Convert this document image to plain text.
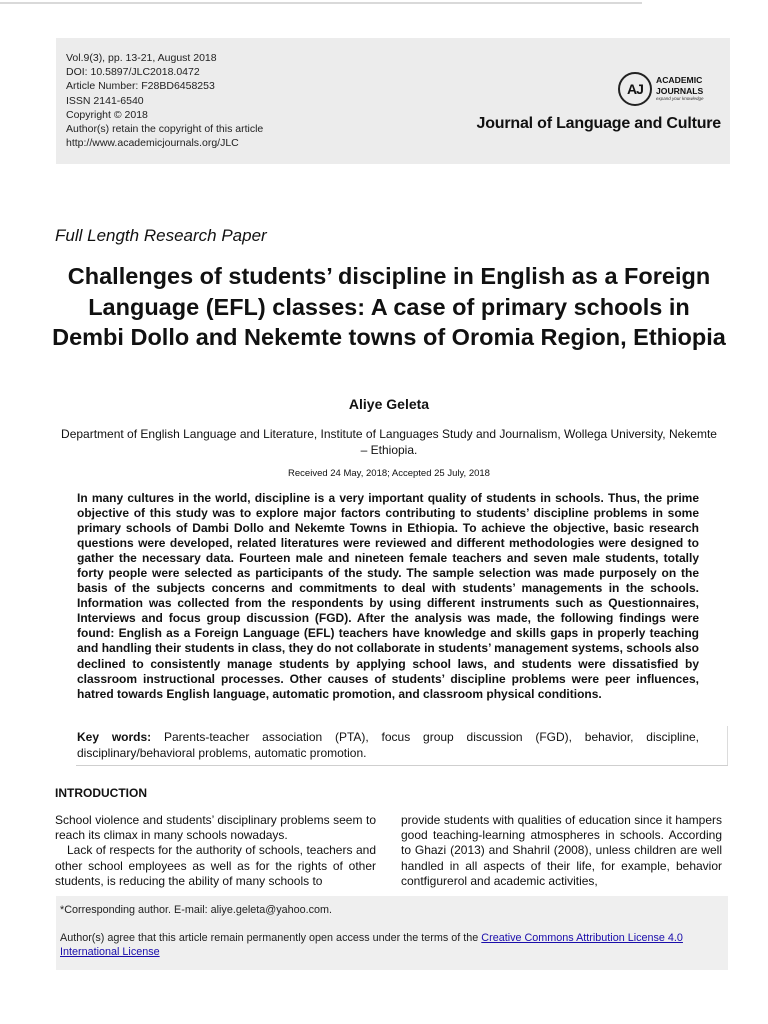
Vol.9(3), pp. 13-21, August 2018
DOI: 10.5897/JLC2018.0472
Article Number: F28BD6458253
ISSN 2141-6540
Copyright © 2018
Author(s) retain the copyright of this article
http://www.academicjournals.org/JLC
AJ
ACADEMIC
JOURNALS
expand your knowledge
Journal of Language and Culture
Full Length Research Paper
Challenges of students’ discipline in English as a Foreign Language (EFL) classes: A case of primary schools in Dembi Dollo and Nekemte towns of Oromia Region, Ethiopia
Aliye Geleta
Department of English Language and Literature, Institute of Languages Study and Journalism, Wollega University, Nekemte – Ethiopia.
Received 24 May, 2018; Accepted 25 July, 2018
In many cultures in the world, discipline is a very important quality of students in schools. Thus, the prime objective of this study was to explore major factors contributing to students’ discipline problems in some primary schools of Dambi Dollo and Nekemte Towns in Ethiopia. To achieve the objective, basic research questions were developed, related literatures were reviewed and different methodologies were designed to gather the necessary data. Fourteen male and nineteen female teachers and seven male students, totally forty people were selected as participants of the study. The sample selection was made purposely on the basis of the subjects concerns and commitments to deal with students’ managements in the schools. Information was collected from the respondents by using different instruments such as Questionnaires, Interviews and focus group discussion (FGD). After the analysis was made, the following findings were found: English as a Foreign Language (EFL) teachers have knowledge and skills gaps in properly teaching and handling their students in class, they do not collaborate in students’ management systems, schools also declined to consistently manage students by applying school laws, and students were dissatisfied by classroom instructional processes. Other causes of students’ discipline problems were peer influences, hatred towards English language, automatic promotion, and classroom physical conditions.
Key words: Parents-teacher association (PTA), focus group discussion (FGD), behavior, discipline, disciplinary/behavioral problems, automatic promotion.
INTRODUCTION
School violence and students’ disciplinary problems seem to reach its climax in many schools nowadays.
Lack of respects for the authority of schools, teachers and other school employees as well as for the rights of other students, is reducing the ability of many schools to
provide students with qualities of education since it hampers good teaching-learning atmospheres in schools. According to Ghazi (2013) and Shahril (2008), unless children are well handled in all aspects of their life, for example, behavior contfigurerol and academic activities,
*Corresponding author. E-mail: aliye.geleta@yahoo.com.
Author(s) agree that this article remain permanently open access under the terms of the Creative Commons Attribution License 4.0 International License
